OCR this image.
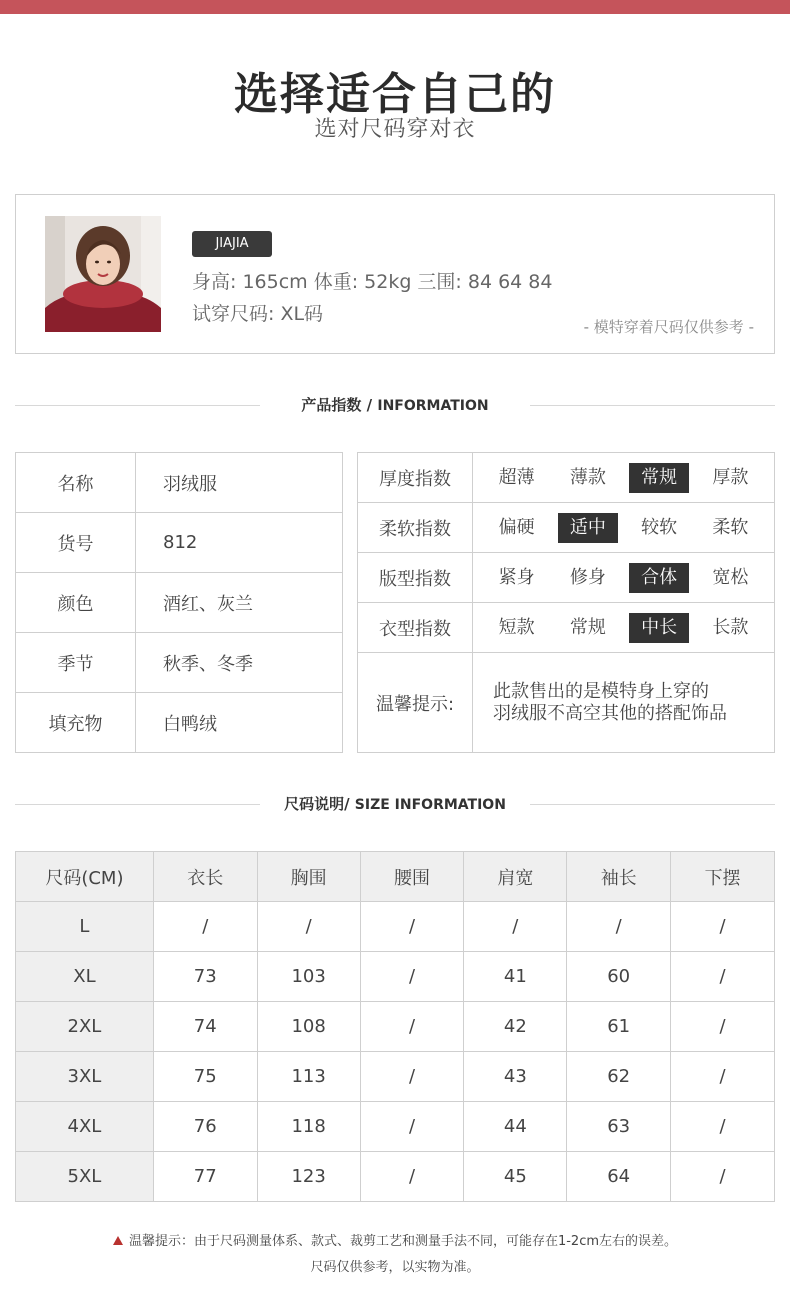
选择适合自己的
选对尺码穿对衣
JIAJIA
身高: 165cm 体重: 52kg 三围: 84 64 84
试穿尺码: XL码
- 模特穿着尺码仅供参考 -
产品指数 / INFORMATION
名称	羽绒服
货号	812
颜色	酒红、灰兰
季节	秋季、冬季
填充物	白鸭绒
厚度指数	超薄 薄款 常规 厚款

柔软指数	偏硬 适中 较软 柔软

版型指数	紧身 修身 合体 宽松

衣型指数	短款 常规 中长 长款

温馨提示:	此款售出的是模特身上穿的
羽绒服不高空其他的搭配饰品
尺码说明/ SIZE INFORMATION
尺码(CM)	衣长	胸围	腰围	肩宽	袖长	下摆
L	/	/	/	/	/	/
XL	73	103	/	41	60	/
2XL	74	108	/	42	61	/
3XL	75	113	/	43	62	/
4XL	76	118	/	44	63	/
5XL	77	123	/	45	64	/
温馨提示：由于尺码测量体系、款式、裁剪工艺和测量手法不同，可能存在1-2cm左右的误差。
尺码仅供参考，以实物为准。
